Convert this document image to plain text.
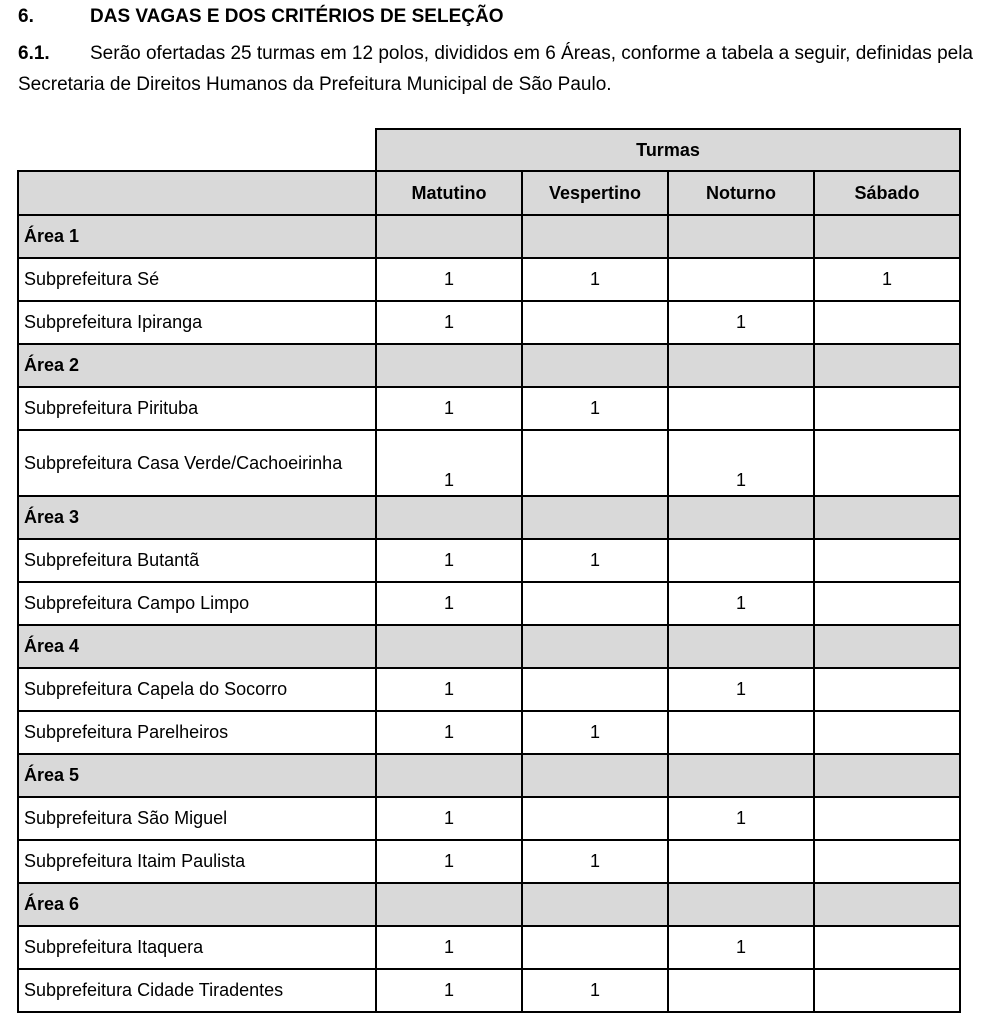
6.	DAS VAGAS E DOS CRITÉRIOS DE SELEÇÃO

6.1. Serão ofertadas 25 turmas em 12 polos, divididos em 6 Áreas, conforme a tabela a seguir, definidas pela Secretaria de Direitos Humanos da Prefeitura Municipal de São Paulo.

	Turmas			
	Matutino	Vespertino	Noturno	Sábado
Área 1				
Subprefeitura Sé	1	1		1
Subprefeitura Ipiranga	1		1	
Área 2				
Subprefeitura Pirituba	1	1		
Subprefeitura Casa Verde/Cachoeirinha	1		1	
Área 3				
Subprefeitura Butantã	1	1		
Subprefeitura Campo Limpo	1		1	
Área 4				
Subprefeitura Capela do Socorro	1		1	
Subprefeitura Parelheiros	1	1		
Área 5				
Subprefeitura São Miguel	1		1	
Subprefeitura Itaim Paulista	1	1		
Área 6				
Subprefeitura Itaquera	1		1	
Subprefeitura Cidade Tiradentes	1	1		
